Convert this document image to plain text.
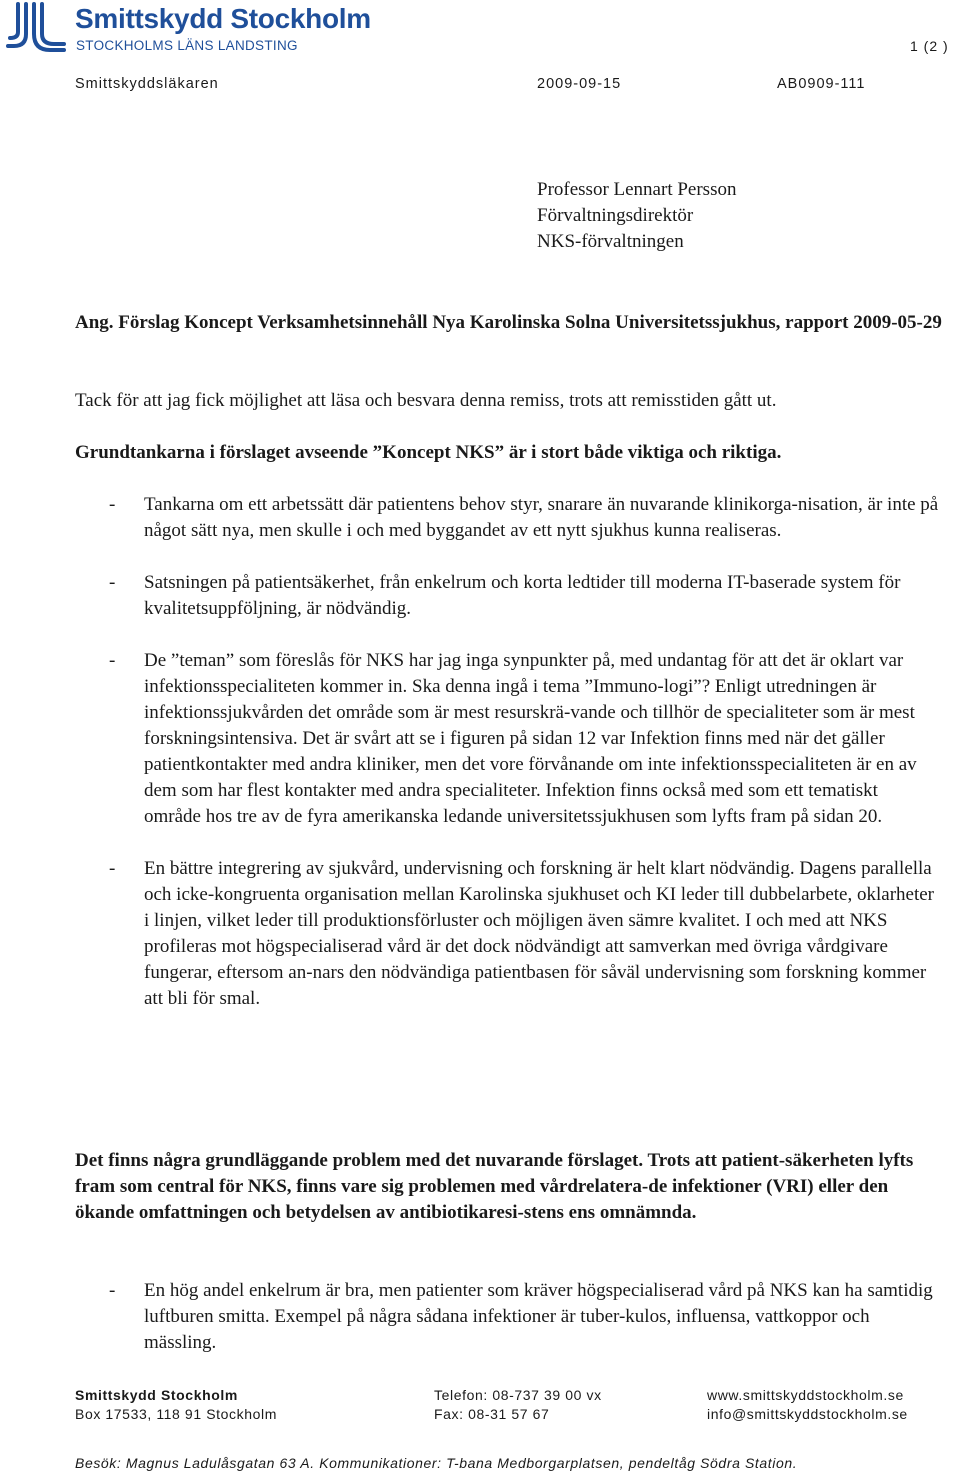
Smittskydd Stockholm
STOCKHOLMS LÄNS LANDSTING	1 (2 )
Smittskyddsläkaren	2009-09-15	AB0909-111
Professor Lennart Persson
Förvaltningsdirektör
NKS-förvaltningen
Ang. Förslag Koncept Verksamhetsinnehåll Nya Karolinska Solna Universitetssjukhus, rapport 2009-05-29
Tack för att jag fick möjlighet att läsa och besvara denna remiss, trots att remisstiden gått ut.
Grundtankarna i förslaget avseende ”Koncept NKS” är i stort både viktiga och riktiga.
- Tankarna om ett arbetssätt där patientens behov styr, snarare än nuvarande klinikorga-nisation, är inte på något sätt nya, men skulle i och med byggandet av ett nytt sjukhus kunna realiseras.
- Satsningen på patientsäkerhet, från enkelrum och korta ledtider till moderna IT-baserade system för kvalitetsuppföljning, är nödvändig.
- De ”teman” som föreslås för NKS har jag inga synpunkter på, med undantag för att det är oklart var infektionsspecialiteten kommer in. Ska denna ingå i tema ”Immuno-logi”? Enligt utredningen är infektionssjukvården det område som är mest resurskrä-vande och tillhör de specialiteter som är mest forskningsintensiva. Det är svårt att se i figuren på sidan 12 var Infektion finns med när det gäller patientkontakter med andra kliniker, men det vore förvånande om inte infektionsspecialiteten är en av dem som har flest kontakter med andra specialiteter. Infektion finns också med som ett tematiskt område hos tre av de fyra amerikanska ledande universitetssjukhusen som lyfts fram på sidan 20.
- En bättre integrering av sjukvård, undervisning och forskning är helt klart nödvändig. Dagens parallella och icke-kongruenta organisation mellan Karolinska sjukhuset och KI leder till dubbelarbete, oklarheter i linjen, vilket leder till produktionsförluster och möjligen även sämre kvalitet. I och med att NKS profileras mot högspecialiserad vård är det dock nödvändigt att samverkan med övriga vårdgivare fungerar, eftersom an-nars den nödvändiga patientbasen för såväl undervisning som forskning kommer att bli för smal.
Det finns några grundläggande problem med det nuvarande förslaget. Trots att patient-säkerheten lyfts fram som central för NKS, finns vare sig problemen med vårdrelatera-de infektioner (VRI) eller den ökande omfattningen och betydelsen av antibiotikaresi-stens ens omnämnda.
- En hög andel enkelrum är bra, men patienter som kräver högspecialiserad vård på NKS kan ha samtidig luftburen smitta. Exempel på några sådana infektioner är tuber-kulos, influensa, vattkoppor och mässling.
Smittskydd Stockholm
Box 17533, 118 91 Stockholm
Telefon: 08-737 39 00 vx
Fax: 08-31 57 67
www.smittskyddstockholm.se
info@smittskyddstockholm.se
Besök: Magnus Ladulåsgatan 63 A. Kommunikationer: T-bana Medborgarplatsen, pendeltåg Södra Station.
